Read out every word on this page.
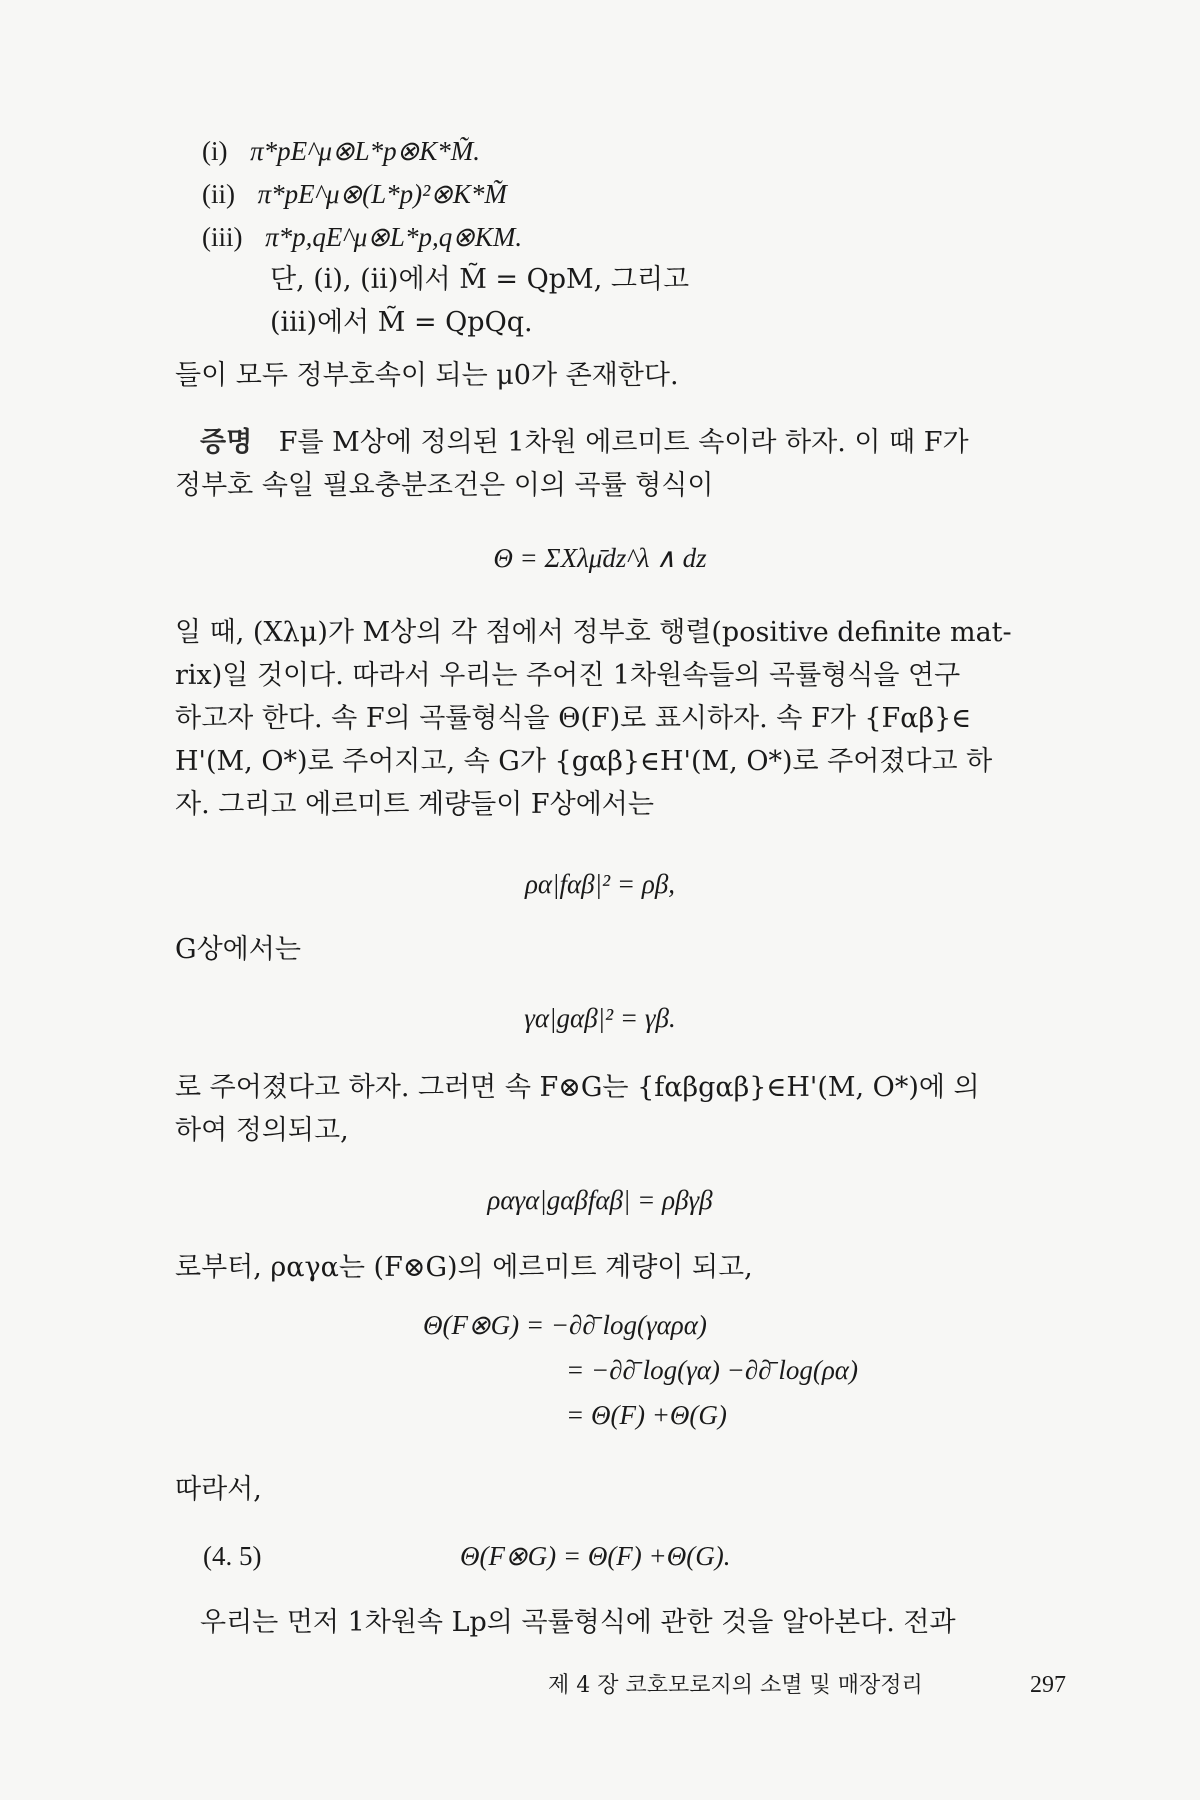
(i) π*pE^μ⊗L*p⊗K*M̃.
(ii) π*pE^μ⊗(L*p)²⊗K*M̃
(iii) π*p,qE^μ⊗L*p,q⊗KM.
단, (i), (ii)에서 M̃ = QpM, 그리고
(iii)에서 M̃ = QpQq.
들이 모두 정부호속이 되는 μ0가 존재한다.
증명 F를 M상에 정의된 1차원 에르미트 속이라 하자. 이 때 F가
정부호 속일 필요충분조건은 이의 곡률 형식이
Θ = ΣXλμ̄dz^λ ∧ dz
일 때, (Xλμ)가 M상의 각 점에서 정부호 행렬(positive definite mat-
rix)일 것이다. 따라서 우리는 주어진 1차원속들의 곡률형식을 연구
하고자 한다. 속 F의 곡률형식을 Θ(F)로 표시하자. 속 F가 {Fαβ}∈
H'(M, O*)로 주어지고, 속 G가 {gαβ}∈H'(M, O*)로 주어졌다고 하
자. 그리고 에르미트 계량들이 F상에서는
ρα|fαβ|² = ρβ,
G상에서는
γα|gαβ|² = γβ.
로 주어졌다고 하자. 그러면 속 F⊗G는 {fαβgαβ}∈H'(M, O*)에 의
하여 정의되고,
ραγα|gαβfαβ| = ρβγβ
로부터, ραγα는 (F⊗G)의 에르미트 계량이 되고,
Θ(F⊗G) = −∂∂̄ log(γαρα)
= −∂∂̄ log(γα) −∂∂̄ log(ρα)
= Θ(F) +Θ(G)
따라서,
(4. 5)	Θ(F⊗G) = Θ(F) +Θ(G).
우리는 먼저 1차원속 Lp의 곡률형식에 관한 것을 알아본다. 전과
제 4 장 코호모로지의 소멸 및 매장정리	297
